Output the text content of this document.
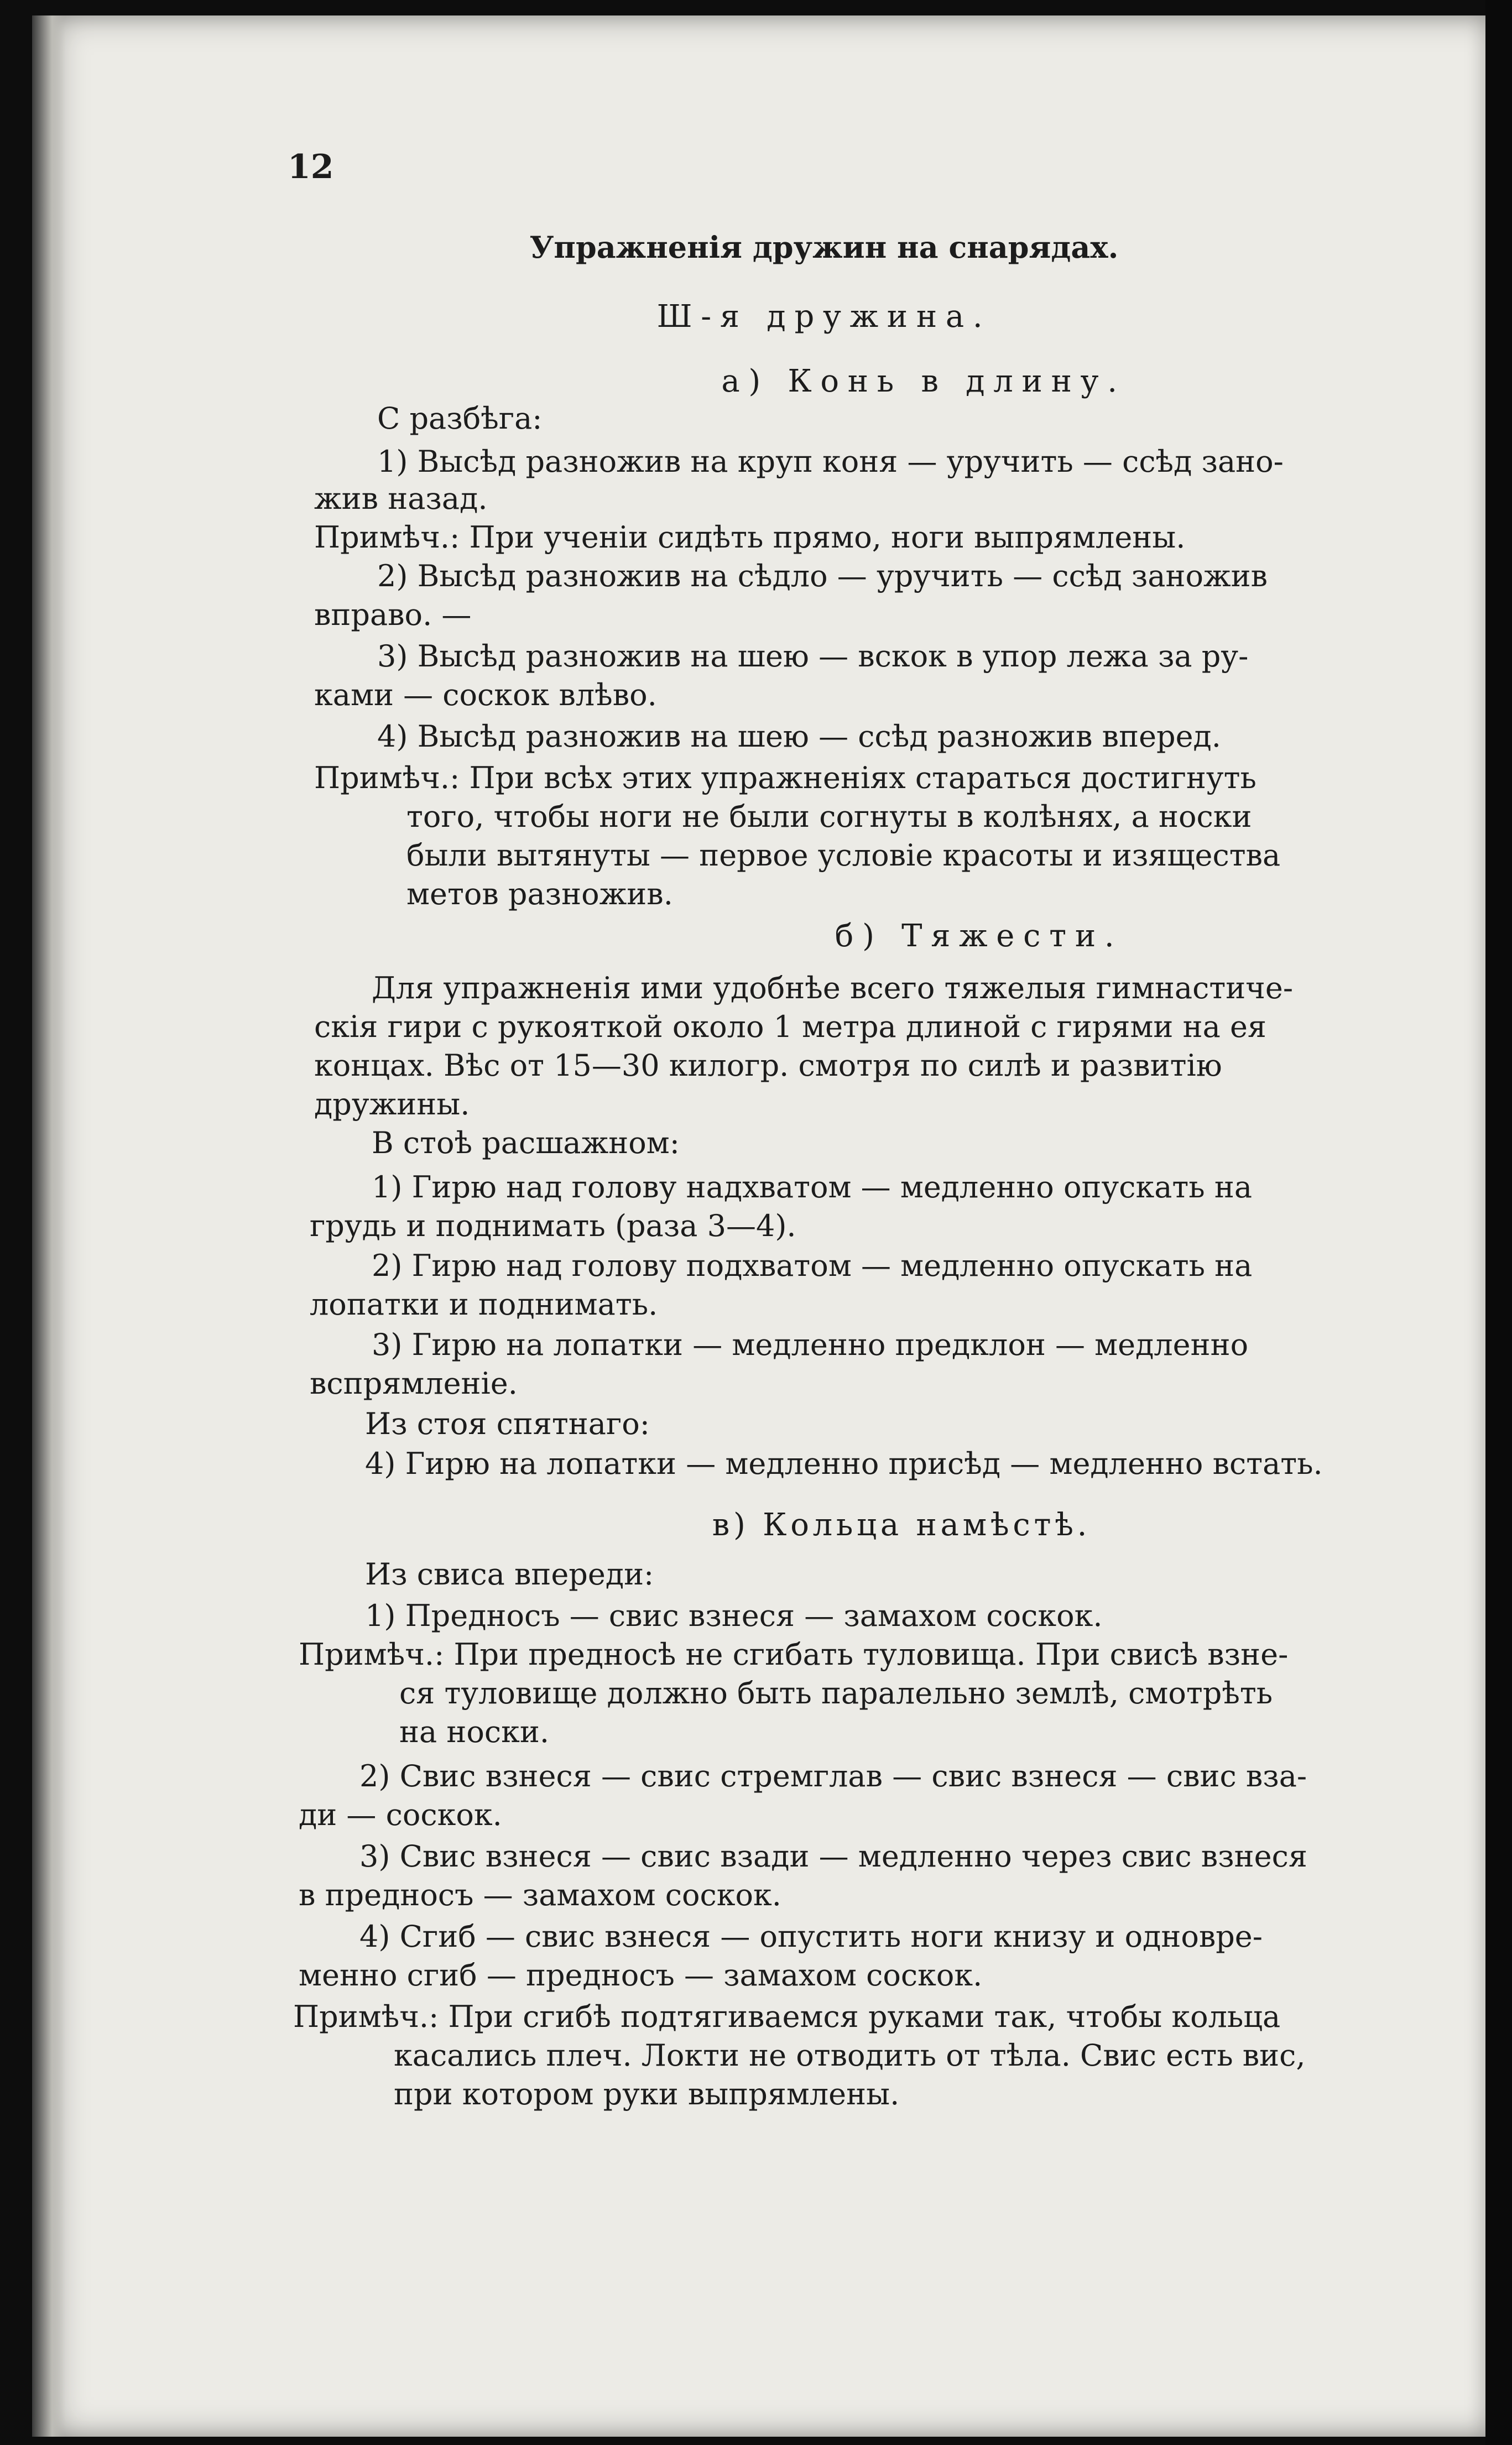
12
Упражненія дружин на снарядах.
Ш-я дружина.
а) Конь в длину.
С разбѣга:
1) Высѣд разножив на круп коня — уручить — ссѣд зано-
жив назад.
Примѣч.: При ученіи сидѣть прямо, ноги выпрямлены.
2) Высѣд разножив на сѣдло — уручить — ссѣд заножив
вправо. —
3) Высѣд разножив на шею — вскок в упор лежа за ру-
ками — соскок влѣво.
4) Высѣд разножив на шею — ссѣд разножив вперед.
Примѣч.: При всѣх этих упражненіях стараться достигнуть
того, чтобы ноги не были согнуты в колѣнях, а носки
были вытянуты — первое условіе красоты и изящества
метов разножив.
б) Тяжести.
Для упражненія ими удобнѣе всего тяжелыя гимнастиче-
скія гири с рукояткой около 1 метра длиной с гирями на ея
концах. Вѣс от 15—30 килогр. смотря по силѣ и развитію
дружины.
В стоѣ расшажном:
1) Гирю над голову надхватом — медленно опускать на
грудь и поднимать (раза 3—4).
2) Гирю над голову подхватом — медленно опускать на
лопатки и поднимать.
3) Гирю на лопатки — медленно предклон — медленно
вспрямленіе.
Из стоя спятнаго:
4) Гирю на лопатки — медленно присѣд — медленно встать.
в) Кольца намѣстѣ.
Из свиса впереди:
1) Предносъ — свис взнеся — замахом соскок.
Примѣч.: При предносѣ не сгибать туловища. При свисѣ взне-
ся туловище должно быть паралельно землѣ, смотрѣть
на носки.
2) Свис взнеся — свис стремглав — свис взнеся — свис вза-
ди — соскок.
3) Свис взнеся — свис взади — медленно через свис взнеся
в предносъ — замахом соскок.
4) Сгиб — свис взнеся — опустить ноги книзу и одновре-
менно сгиб — предносъ — замахом соскок.
Примѣч.: При сгибѣ подтягиваемся руками так, чтобы кольца
касались плеч. Локти не отводить от тѣла. Свис есть вис,
при котором руки выпрямлены.
